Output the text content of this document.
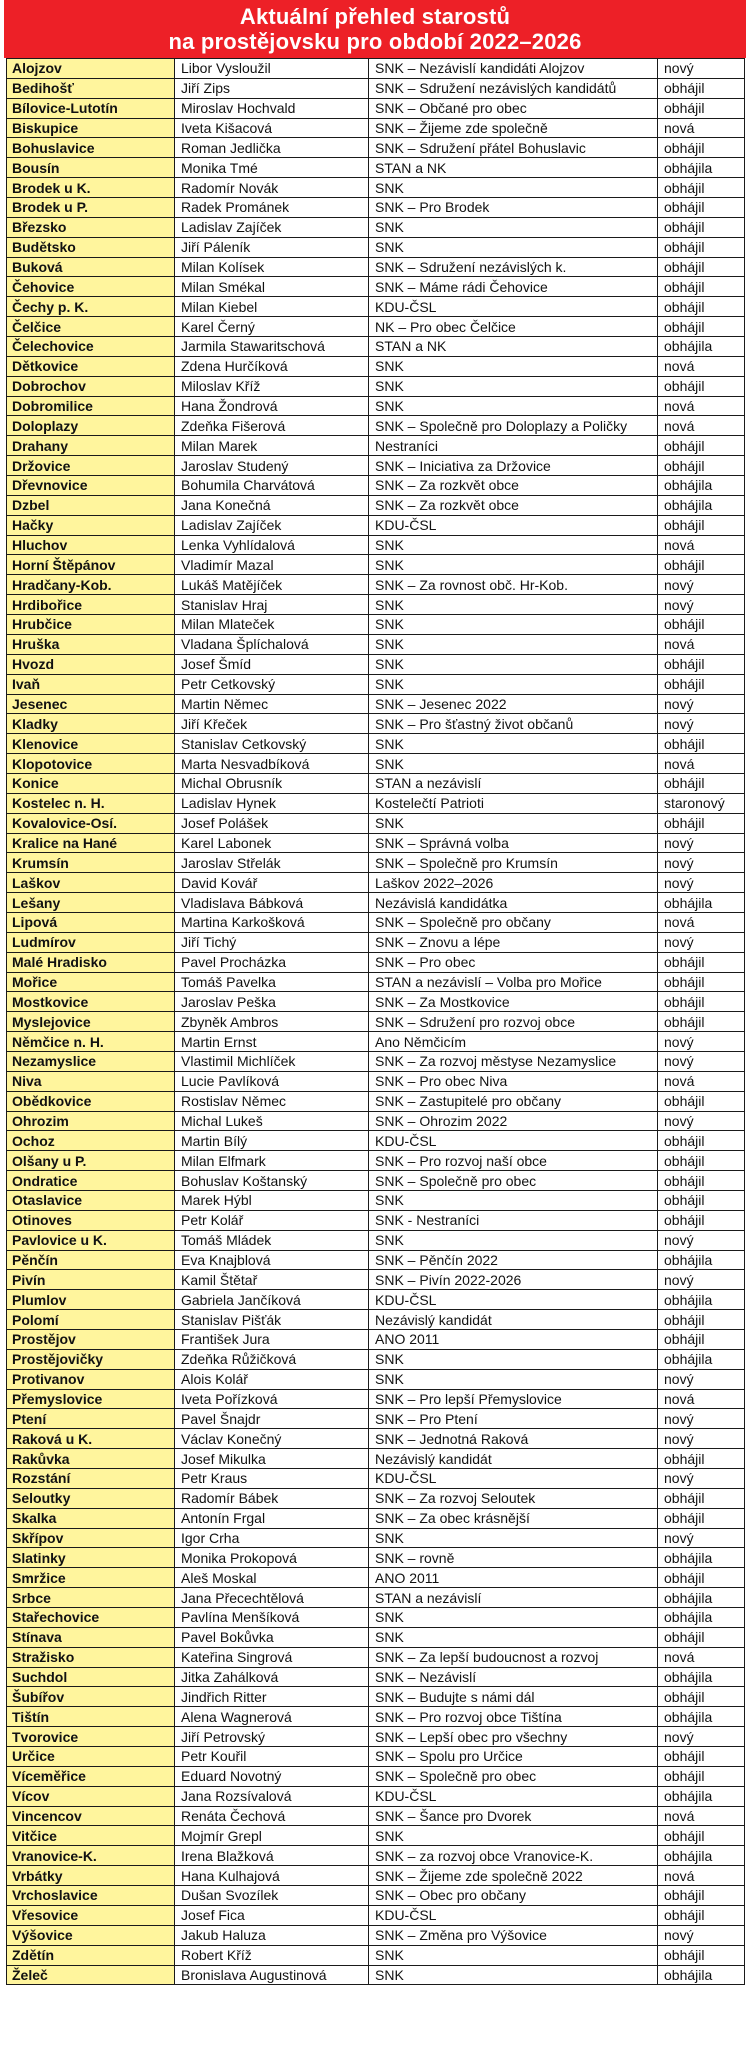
Aktuální přehled starostů
na prostějovsku pro období 2022–2026
Alojzov	Libor Vysloužil	SNK – Nezávislí kandidáti Alojzov	nový
Bedihošť	Jiří Zips	SNK – Sdružení nezávislých kandidátů	obhájil
Bílovice-Lutotín	Miroslav Hochvald	SNK – Občané pro obec	obhájil
Biskupice	Iveta Kišacová	SNK – Žijeme zde společně	nová
Bohuslavice	Roman Jedlička	SNK – Sdružení přátel Bohuslavic	obhájil
Bousín	Monika Tmé	STAN a NK	obhájila
Brodek u K.	Radomír Novák	SNK	obhájil
Brodek u P.	Radek Prománek	SNK – Pro Brodek	obhájil
Březsko	Ladislav Zajíček	SNK	obhájil
Budětsko	Jiří Páleník	SNK	obhájil
Buková	Milan Kolísek	SNK – Sdružení nezávislých k.	obhájil
Čehovice	Milan Smékal	SNK – Máme rádi Čehovice	obhájil
Čechy p. K.	Milan Kiebel	KDU-ČSL	obhájil
Čelčice	Karel Černý	NK – Pro obec Čelčice	obhájil
Čelechovice	Jarmila Stawaritschová	STAN a NK	obhájila
Dětkovice	Zdena Hurčíková	SNK	nová
Dobrochov	Miloslav Kříž	SNK	obhájil
Dobromilice	Hana Žondrová	SNK	nová
Doloplazy	Zdeňka Fišerová	SNK – Společně pro Doloplazy a Poličky	nová
Drahany	Milan Marek	Nestraníci	obhájil
Držovice	Jaroslav Studený	SNK – Iniciativa za Držovice	obhájil
Dřevnovice	Bohumila Charvátová	SNK – Za rozkvět obce	obhájila
Dzbel	Jana Konečná	SNK – Za rozkvět obce	obhájila
Hačky	Ladislav Zajíček	KDU-ČSL	obhájil
Hluchov	Lenka Vyhlídalová	SNK	nová
Horní Štěpánov	Vladimír Mazal	SNK	obhájil
Hradčany-Kob.	Lukáš Matějíček	SNK – Za rovnost obč. Hr-Kob.	nový
Hrdibořice	Stanislav Hraj	SNK	nový
Hrubčice	Milan Mlateček	SNK	obhájil
Hruška	Vladana Šplíchalová	SNK	nová
Hvozd	Josef Šmíd	SNK	obhájil
Ivaň	Petr Cetkovský	SNK	obhájil
Jesenec	Martin Němec	SNK – Jesenec 2022	nový
Kladky	Jiří Křeček	SNK – Pro šťastný život občanů	nový
Klenovice	Stanislav Cetkovský	SNK	obhájil
Klopotovice	Marta Nesvadbíková	SNK	nová
Konice	Michal Obrusník	STAN a nezávislí	obhájil
Kostelec n. H.	Ladislav Hynek	Kostelečtí Patrioti	staronový
Kovalovice-Osí.	Josef Polášek	SNK	obhájil
Kralice na Hané	Karel Labonek	SNK – Správná volba	nový
Krumsín	Jaroslav Střelák	SNK – Společně pro Krumsín	nový
Laškov	David Kovář	Laškov 2022–2026	nový
Lešany	Vladislava Bábková	Nezávislá kandidátka	obhájila
Lipová	Martina Karkošková	SNK – Společně pro občany	nová
Ludmírov	Jiří Tichý	SNK – Znovu a lépe	nový
Malé Hradisko	Pavel Procházka	SNK – Pro obec	obhájil
Mořice	Tomáš Pavelka	STAN a nezávislí – Volba pro Mořice	obhájil
Mostkovice	Jaroslav Peška	SNK – Za Mostkovice	obhájil
Myslejovice	Zbyněk Ambros	SNK – Sdružení pro rozvoj obce	obhájil
Němčice n. H.	Martin Ernst	Ano Němčicím	nový
Nezamyslice	Vlastimil Michlíček	SNK – Za rozvoj městyse Nezamyslice	nový
Niva	Lucie Pavlíková	SNK – Pro obec Niva	nová
Obědkovice	Rostislav Němec	SNK – Zastupitelé pro občany	obhájil
Ohrozim	Michal Lukeš	SNK – Ohrozim 2022	nový
Ochoz	Martin Bílý	KDU-ČSL	obhájil
Olšany u P.	Milan Elfmark	SNK – Pro rozvoj naší obce	obhájil
Ondratice	Bohuslav Koštanský	SNK – Společně pro obec	obhájil
Otaslavice	Marek Hýbl	SNK	obhájil
Otinoves	Petr Kolář	SNK - Nestraníci	obhájil
Pavlovice u K.	Tomáš Mládek	SNK	nový
Pěnčín	Eva Knajblová	SNK – Pěnčín 2022	obhájila
Pivín	Kamil Štětař	SNK – Pivín 2022-2026	nový
Plumlov	Gabriela Jančíková	KDU-ČSL	obhájila
Polomí	Stanislav Pišťák	Nezávislý kandidát	obhájil
Prostějov	František Jura	ANO 2011	obhájil
Prostějovičky	Zdeňka Růžičková	SNK	obhájila
Protivanov	Alois Kolář	SNK	nový
Přemyslovice	Iveta Pořízková	SNK – Pro lepší Přemyslovice	nová
Ptení	Pavel Šnajdr	SNK – Pro Ptení	nový
Raková u K.	Václav Konečný	SNK – Jednotná Raková	nový
Rakůvka	Josef Mikulka	Nezávislý kandidát	obhájil
Rozstání	Petr Kraus	KDU-ČSL	nový
Seloutky	Radomír Bábek	SNK – Za rozvoj Seloutek	obhájil
Skalka	Antonín Frgal	SNK – Za obec krásnější	obhájil
Skřípov	Igor Crha	SNK	nový
Slatinky	Monika Prokopová	SNK – rovně	obhájila
Smržice	Aleš Moskal	ANO 2011	obhájil
Srbce	Jana Přecechtělová	STAN a nezávislí	obhájila
Stařechovice	Pavlína Menšíková	SNK	obhájila
Stínava	Pavel Bokůvka	SNK	obhájil
Stražisko	Kateřina Singrová	SNK – Za lepší budoucnost a rozvoj	nová
Suchdol	Jitka Zahálková	SNK – Nezávislí	obhájila
Šubířov	Jindřich Ritter	SNK – Budujte s námi dál	obhájil
Tištín	Alena Wagnerová	SNK – Pro rozvoj obce Tištína	obhájila
Tvorovice	Jiří Petrovský	SNK – Lepší obec pro všechny	nový
Určice	Petr Kouřil	SNK – Spolu pro Určice	obhájil
Víceměřice	Eduard Novotný	SNK – Společně pro obec	obhájil
Vícov	Jana Rozsívalová	KDU-ČSL	obhájila
Vincencov	Renáta Čechová	SNK – Šance pro Dvorek	nová
Vitčice	Mojmír Grepl	SNK	obhájil
Vranovice-K.	Irena Blažková	SNK – za rozvoj obce Vranovice-K.	obhájila
Vrbátky	Hana Kulhajová	SNK – Žijeme zde společně 2022	nová
Vrchoslavice	Dušan Svozílek	SNK – Obec pro občany	obhájil
Vřesovice	Josef Fica	KDU-ČSL	obhájil
Výšovice	Jakub Haluza	SNK – Změna pro Výšovice	nový
Zdětín	Robert Kříž	SNK	obhájil
Želeč	Bronislava Augustinová	SNK	obhájila
